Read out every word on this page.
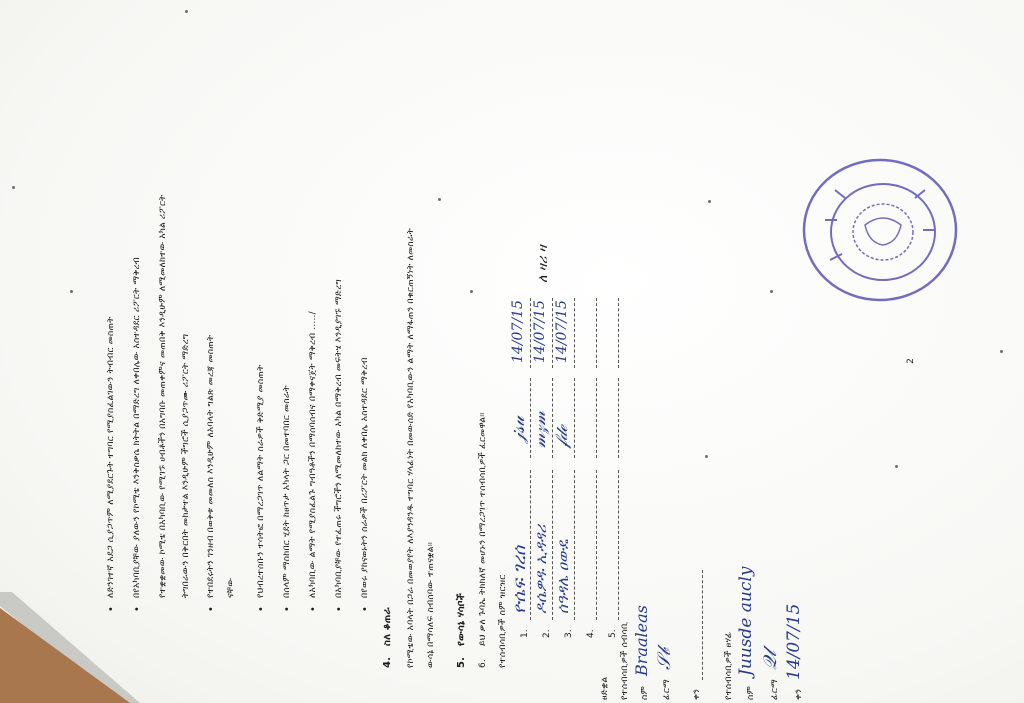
• ለድንገተኛ አደጋ ሲያጋጥም ለሚያደርጉት ተግባር የሚያስፈልገውን ትብብር መስጠት • በየአካባቢያቸው ያለውን የኮሚቴ እንቅስቃሴ ክትትል በማድረግ ለቀበሌው አስተዳደር ሪፖርት ማቅረብ የተቋቋመው ኮሚቴ በአካባቢው የሚገኙ ሀብቶችን በአግባቡ መጠቀምና መጠበቅ እንዲሁም ለሚመለከተው አካል ሪፖርት ትግበራውን በቅርበት መከታተል እንዲሁም ችግሮች ሲያጋጥሙ ሪፖርት ማድረግ • የተበደሩትን ገንዘብ በወቅቱ መመለስ እንዲሁም ለአባላት ግልጽ መረጃ መስጠት ናቸው • የህብረተሰቡን ተሳትፎ በማረጋገጥ ለልማት ስራዎች ቅድሚያ መስጠት • በሰላም ማስከበር ሂደት ከፀጥታ አካላት ጋር በመተባበር መስራት • ለአካባቢው ልማት የሚያስፈልጉ ግብዓቶችን በማሰባሰብና በማቀናጀት ማቅረብ ...../ • በአካባቢያቸው የተፈጠሩ ችግሮችን ለሚመለከተው አካል በማቅረብ መፍትሄ እንዲያገኙ ማድረግ • በየወሩ ያከናወኑትን ስራዎች በሪፖርት መልክ ለቀበሌ አስተዳደር ማቅረብ
4.
ስለ ቆጠራ የኮሚቴው አባላት በጋራ በመወያየት ለእያንዳንዱ ተግባር ሃላፊነት በመውሰድ የአካባቢውን ልማት ለማፋጠን በቁርጠኝነት ለመስራት ውሳኔ በማሳለፍ ስብሰባው ተጠናቋል። 5.
የውሳኔ ሃሳቦች
6.
ይህ ቃለ ጉባኤ ትክክለኛ መሆኑን በማረጋገጥ ተሰብሳቢዎች ፈርመዋል። የተሰብሳቢዎች ስም ዝርዝር 1.
ዮሴፍ ገረሰ
𝒿𝓈𝓊
14/07/15
2.
ዶሴዎዱ ኢዳዳሪ
𝓂𝓏𝓂
14/07/15
ለ ዛሪ ዛ
3.
ሰዓዳሌ ዐውዴ
𝒻𝒹ℯ
14/07/15
4. 5.
ፀድቋል የተሰብሳቢዎች ሰብሳቢ ስም
Braaleas
ፊርማ
𝒮𝒷
ቀን የተሰብሳቢዎች ፀሃፊ ስም
Juusde aucly
ፊርማ
𝒬𝓁
ቀን
14/07/15
2
